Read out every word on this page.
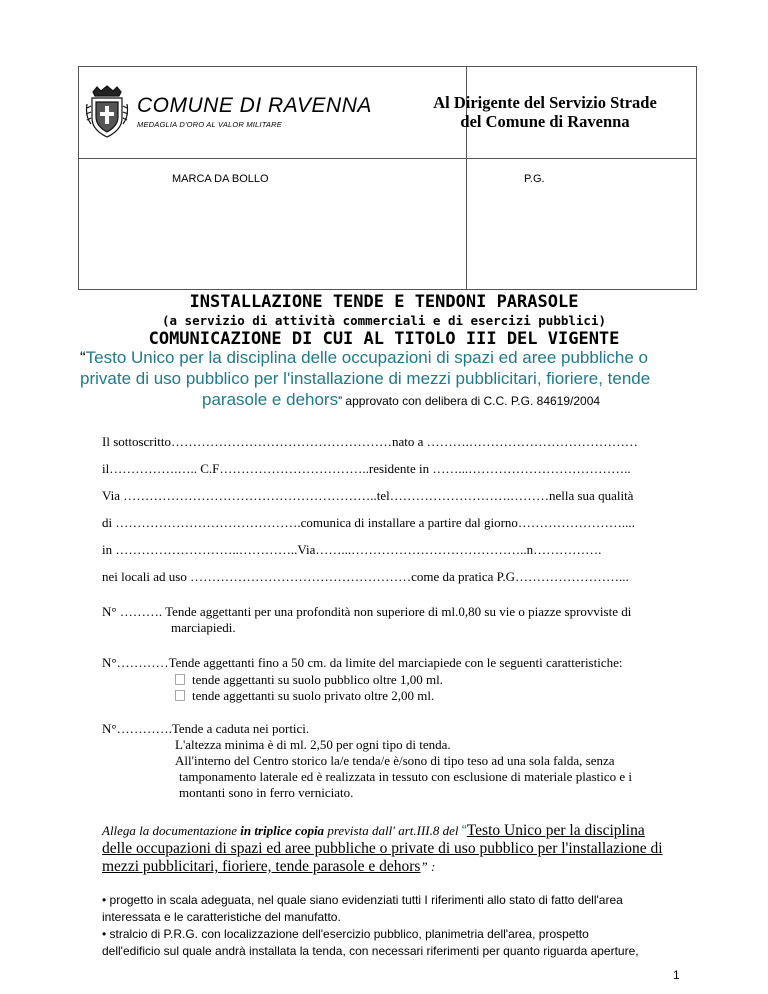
COMUNE DI RAVENNA
MEDAGLIA D'ORO AL VALOR MILITARE
Al Dirigente del Servizio Strade
del Comune di Ravenna
MARCA DA BOLLO	P.G.
INSTALLAZIONE TENDE E TENDONI PARASOLE
(a servizio di attività commerciali e di esercizi pubblici)
COMUNICAZIONE DI CUI AL TITOLO III DEL VIGENTE
“Testo Unico per la disciplina delle occupazioni di spazi ed aree pubbliche o
private di uso pubblico per l'installazione di mezzi pubblicitari, fioriere, tende
parasole e dehors” approvato con delibera di C.C. P.G. 84619/2004
Il sottoscritto……………………………………………nato a ……….…………………………………
il…………….….. C.F……………………………..residente in ……...………………………………..
Via …………………………………………………..tel……………………….………nella sua qualità
di …………………………………….comunica di installare a partire dal giorno……………………....
in ………………………..…………..Via……...…………………………………..n…………….
nei locali ad uso ……………………………………………come da pratica P.G……………………...
N° ………. Tende aggettanti per una profondità non superiore di ml.0,80 su vie o piazze sprovviste di
marciapiedi.
N°…………Tende aggettanti fino a 50 cm. da limite del marciapiede con le seguenti caratteristiche:
tende aggettanti su suolo pubblico oltre 1,00 ml.
tende aggettanti su suolo privato oltre 2,00 ml.
N°………….Tende a caduta nei portici.
L'altezza minima è di ml. 2,50 per ogni tipo di tenda.
All'interno del Centro storico la/e tenda/e è/sono di tipo teso ad una sola falda, senza
tamponamento laterale ed è realizzata in tessuto con esclusione di materiale plastico e i
montanti sono in ferro verniciato.
Allega la documentazione in triplice copia prevista dall' art.III.8 del “Testo Unico per la disciplina
delle occupazioni di spazi ed aree pubbliche o private di uso pubblico per l'installazione di
mezzi pubblicitari, fioriere, tende parasole e dehors” :
• progetto in scala adeguata, nel quale siano evidenziati tutti I riferimenti allo stato di fatto dell'area
interessata e le caratteristiche del manufatto.
• stralcio di P.R.G. con localizzazione dell'esercizio pubblico, planimetria dell'area, prospetto
dell'edificio sul quale andrà installata la tenda, con necessari riferimenti per quanto riguarda aperture,
1
